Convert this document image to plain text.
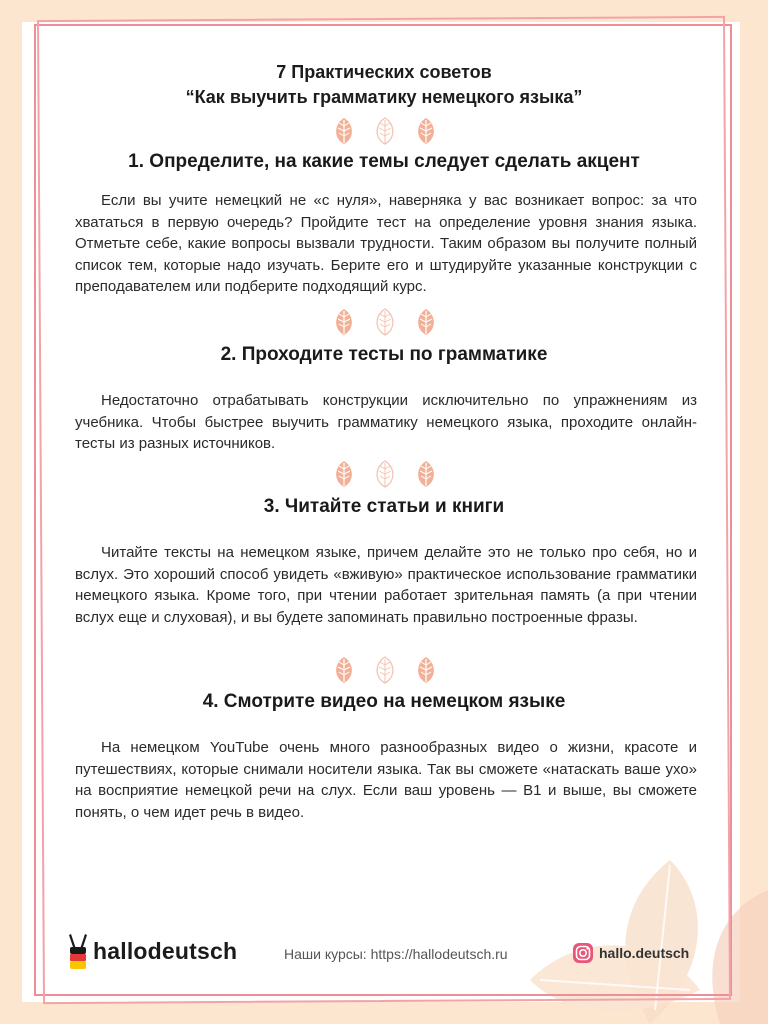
7 Практических советов
“Как выучить грамматику немецкого языка”
1. Определите, на какие темы следует сделать акцент

Если вы учите немецкий не «с нуля», наверняка у вас возникает вопрос: за что хвататься в первую очередь? Пройдите тест на определение уровня знания языка. Отметьте себе, какие вопросы вызвали трудности. Таким образом вы получите полный список тем, которые надо изучать. Берите его и штудируйте указанные конструкции с преподавателем или подберите подходящий курс.

2. Проходите тесты по грамматике

Недостаточно отрабатывать конструкции исключительно по упражнениям из учебника. Чтобы быстрее выучить грамматику немецкого языка, проходите онлайн-тесты из разных источников.

3. Читайте статьи и книги

Читайте тексты на немецком языке, причем делайте это не только про себя, но и вслух. Это хороший способ увидеть «вживую» практическое использование грамматики немецкого языка. Кроме того, при чтении работает зрительная память (а при чтении вслух еще и слуховая), и вы будете запоминать правильно построенные фразы.

4. Смотрите видео на немецком языке

На немецком YouTube очень много разнообразных видео о жизни, красоте и путешествиях, которые снимали носители языка. Так вы сможете «натаскать ваше ухо» на восприятие немецкой речи на слух. Если ваш уровень — B1 и выше, вы сможете понять, о чем идет речь в видео.

hallodeutsch	Наши курсы: https://hallodeutsch.ru	hallo.deutsch
